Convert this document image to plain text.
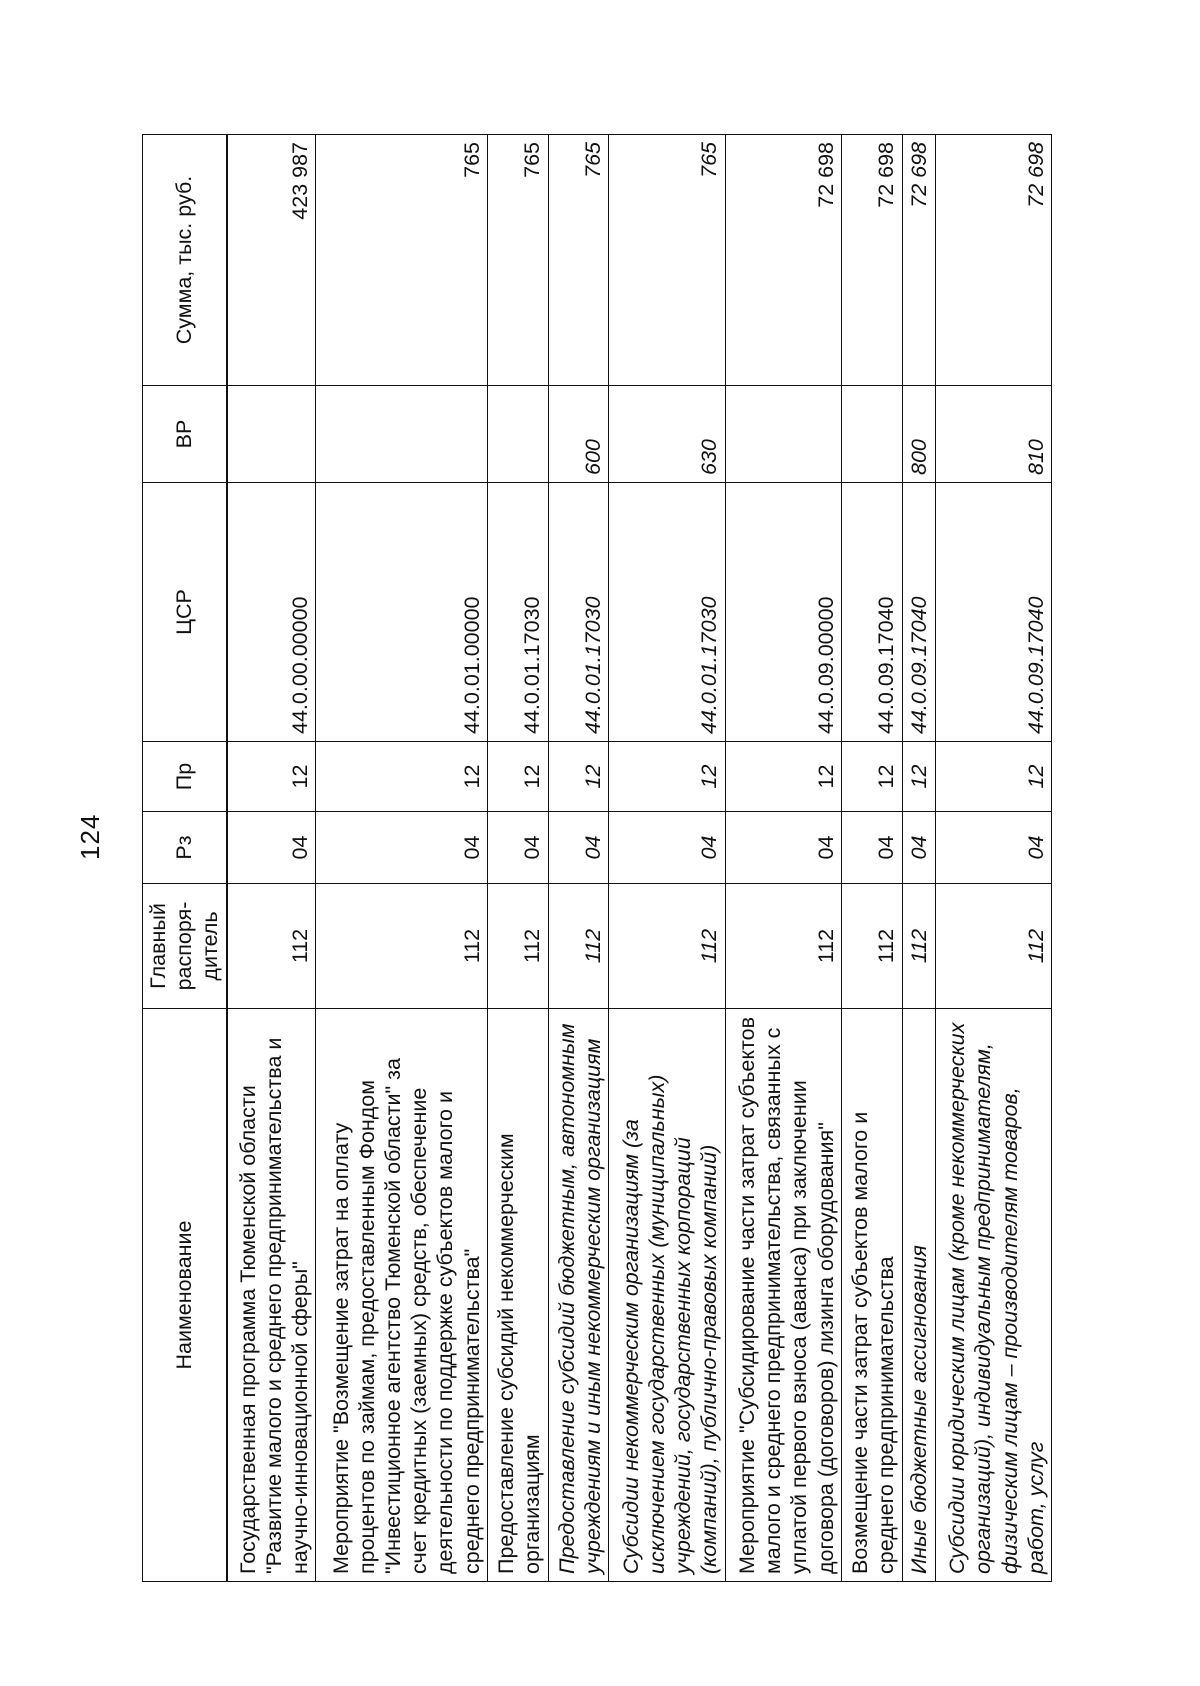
124
Наименование	Главный распоря-дитель	Рз	Пр	ЦСР	ВР	Сумма, тыс. руб.
Государственная программа Тюменской области "Развитие малого и среднего предпринимательства и научно-инновационной сферы"	112	04	12	44.0.00.00000		423 987
Мероприятие "Возмещение затрат на оплату процентов по займам, предоставленным Фондом "Инвестиционное агентство Тюменской области" за счет кредитных (заемных) средств, обеспечение деятельности по поддержке субъектов малого и среднего предпринимательства"	112	04	12	44.0.01.00000		765
Предоставление субсидий некоммерческим организациям	112	04	12	44.0.01.17030		765
Предоставление субсидий бюджетным, автономным учреждениям и иным некоммерческим организациям	112	04	12	44.0.01.17030	600	765
Субсидии некоммерческим организациям (за исключением государственных (муниципальных) учреждений, государственных корпораций (компаний), публично-правовых компаний)	112	04	12	44.0.01.17030	630	765
Мероприятие "Субсидирование части затрат субъектов малого и среднего предпринимательства, связанных с уплатой первого взноса (аванса) при заключении договора (договоров) лизинга оборудования"	112	04	12	44.0.09.00000		72 698
Возмещение части затрат субъектов малого и среднего предпринимательства	112	04	12	44.0.09.17040		72 698
Иные бюджетные ассигнования	112	04	12	44.0.09.17040	800	72 698
Субсидии юридическим лицам (кроме некоммерческих организаций), индивидуальным предпринимателям, физическим лицам – производителям товаров, работ, услуг	112	04	12	44.0.09.17040	810	72 698
